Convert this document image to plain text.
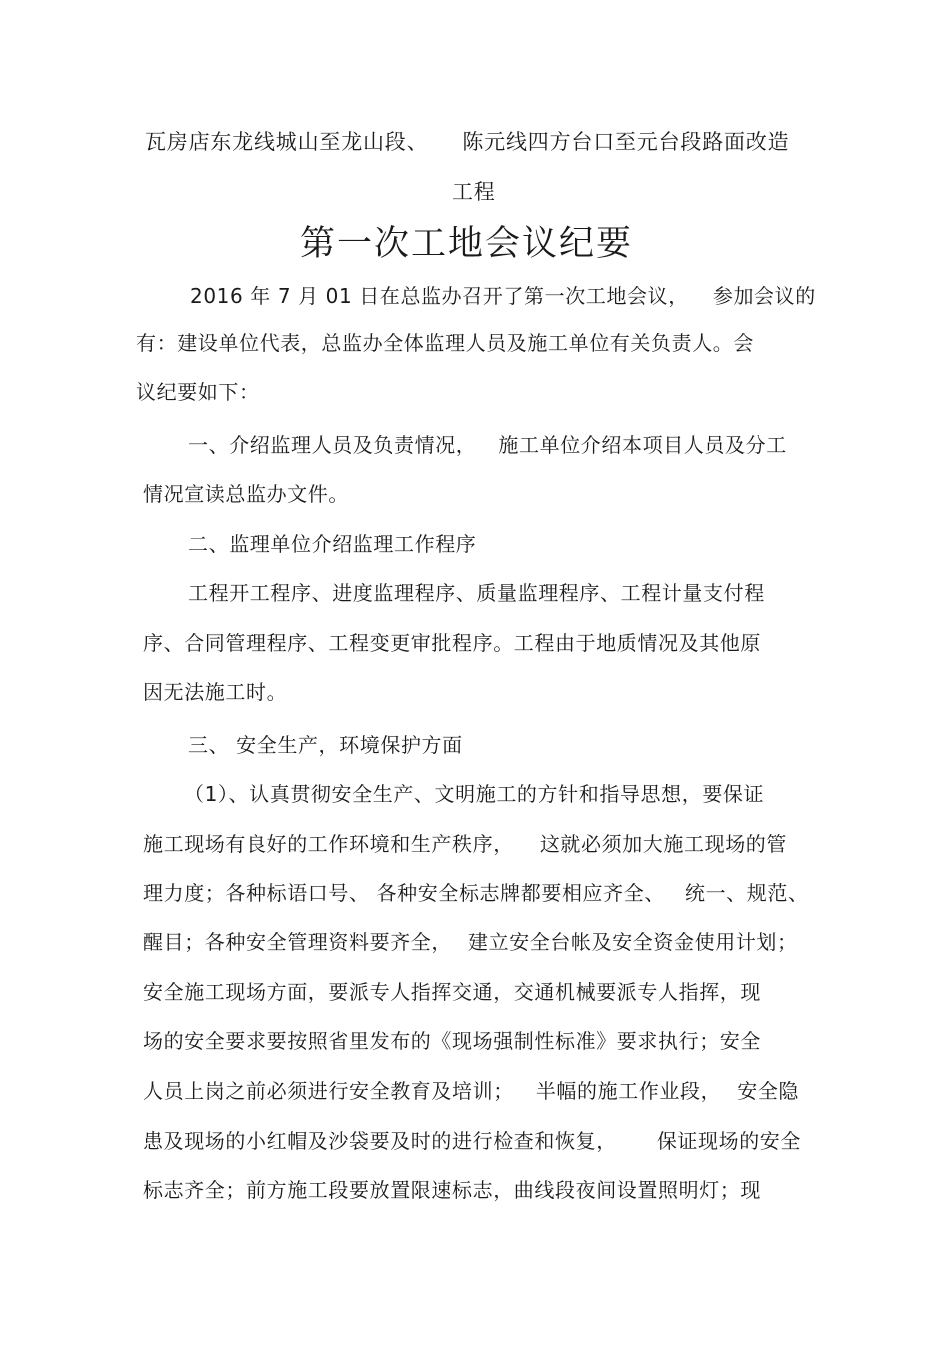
瓦房店东龙线城山至龙山段、 陈元线四方台口至元台段路面改造
工程
第一次工地会议纪要
2016 年 7 月 01 日在总监办召开了第一次工地会议， 参加会议的
有：建设单位代表，总监办全体监理人员及施工单位有关负责人。会
议纪要如下：
一、介绍监理人员及负责情况， 施工单位介绍本项目人员及分工
情况宣读总监办文件。
二、监理单位介绍监理工作程序
工程开工程序、进度监理程序、质量监理程序、工程计量支付程
序、合同管理程序、工程变更审批程序。工程由于地质情况及其他原
因无法施工时。
三、 安全生产，环境保护方面
（1）、认真贯彻安全生产、文明施工的方针和指导思想，要保证
施工现场有良好的工作环境和生产秩序， 这就必须加大施工现场的管
理力度；各种标语口号、 各种安全标志牌都要相应齐全、 统一、规范、
醒目；各种安全管理资料要齐全， 建立安全台帐及安全资金使用计划；
安全施工现场方面，要派专人指挥交通，交通机械要派专人指挥，现
场的安全要求要按照省里发布的《现场强制性标准》要求执行；安全
人员上岗之前必须进行安全教育及培训； 半幅的施工作业段， 安全隐
患及现场的小红帽及沙袋要及时的进行检查和恢复， 保证现场的安全
标志齐全；前方施工段要放置限速标志，曲线段夜间设置照明灯；现
